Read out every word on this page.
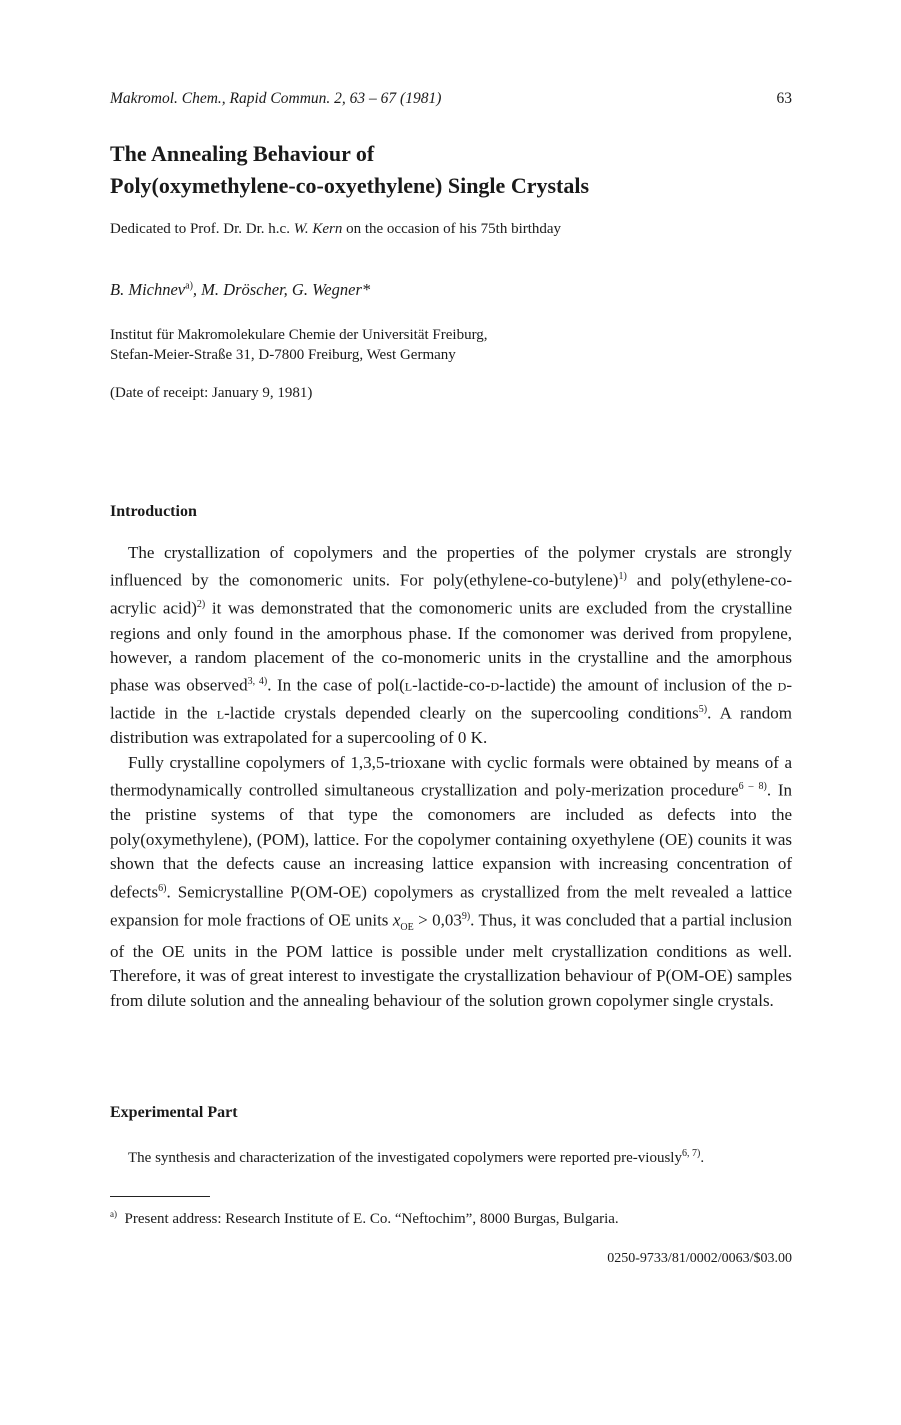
Makromol. Chem., Rapid Commun. 2, 63 – 67 (1981)	63
The Annealing Behaviour of
Poly(oxymethylene-co-oxyethylene) Single Crystals
Dedicated to Prof. Dr. Dr. h.c. W. Kern on the occasion of his 75th birthday
B. Michnev$^{a)}$, M. Dröscher, G. Wegner*
Institut für Makromolekulare Chemie der Universität Freiburg,
Stefan-Meier-Straße 31, D-7800 Freiburg, West Germany
(Date of receipt: January 9, 1981)
Introduction

The crystallization of copolymers and the properties of the polymer crystals are strongly influenced by the comonomeric units. For poly(ethylene-co-butylene)$^{1)}$ and poly(ethylene-co-acrylic acid)$^{2)}$ it was demonstrated that the comonomeric units are excluded from the crystalline regions and only found in the amorphous phase. If the comonomer was derived from propylene, however, a random placement of the co-monomeric units in the crystalline and the amorphous phase was observed$^{3, 4)}$. In the case of pol(l-lactide-co-d-lactide) the amount of inclusion of the d-lactide in the l-lactide crystals depended clearly on the supercooling conditions$^{5)}$. A random distribution was extrapolated for a supercooling of 0 K.

Fully crystalline copolymers of 1,3,5-trioxane with cyclic formals were obtained by means of a thermodynamically controlled simultaneous crystallization and poly-merization procedure$^{6 - 8)}$. In the pristine systems of that type the comonomers are included as defects into the poly(oxymethylene), (POM), lattice. For the copolymer containing oxyethylene (OE) counits it was shown that the defects cause an increasing lattice expansion with increasing concentration of defects$^{6)}$. Semicrystalline P(OM-OE) copolymers as crystallized from the melt revealed a lattice expansion for mole fractions of OE units $x_{OE} > 0,03^{9)}$. Thus, it was concluded that a partial inclusion of the OE units in the POM lattice is possible under melt crystallization conditions as well. Therefore, it was of great interest to investigate the crystallization behaviour of P(OM-OE) samples from dilute solution and the annealing behaviour of the solution grown copolymer single crystals.

Experimental Part
The synthesis and characterization of the investigated copolymers were reported pre-viously$^{6, 7)}$.
$^{a)}$ Present address: Research Institute of E. Co. “Neftochim”, 8000 Burgas, Bulgaria.
0250-9733/81/0002/0063/$03.00
